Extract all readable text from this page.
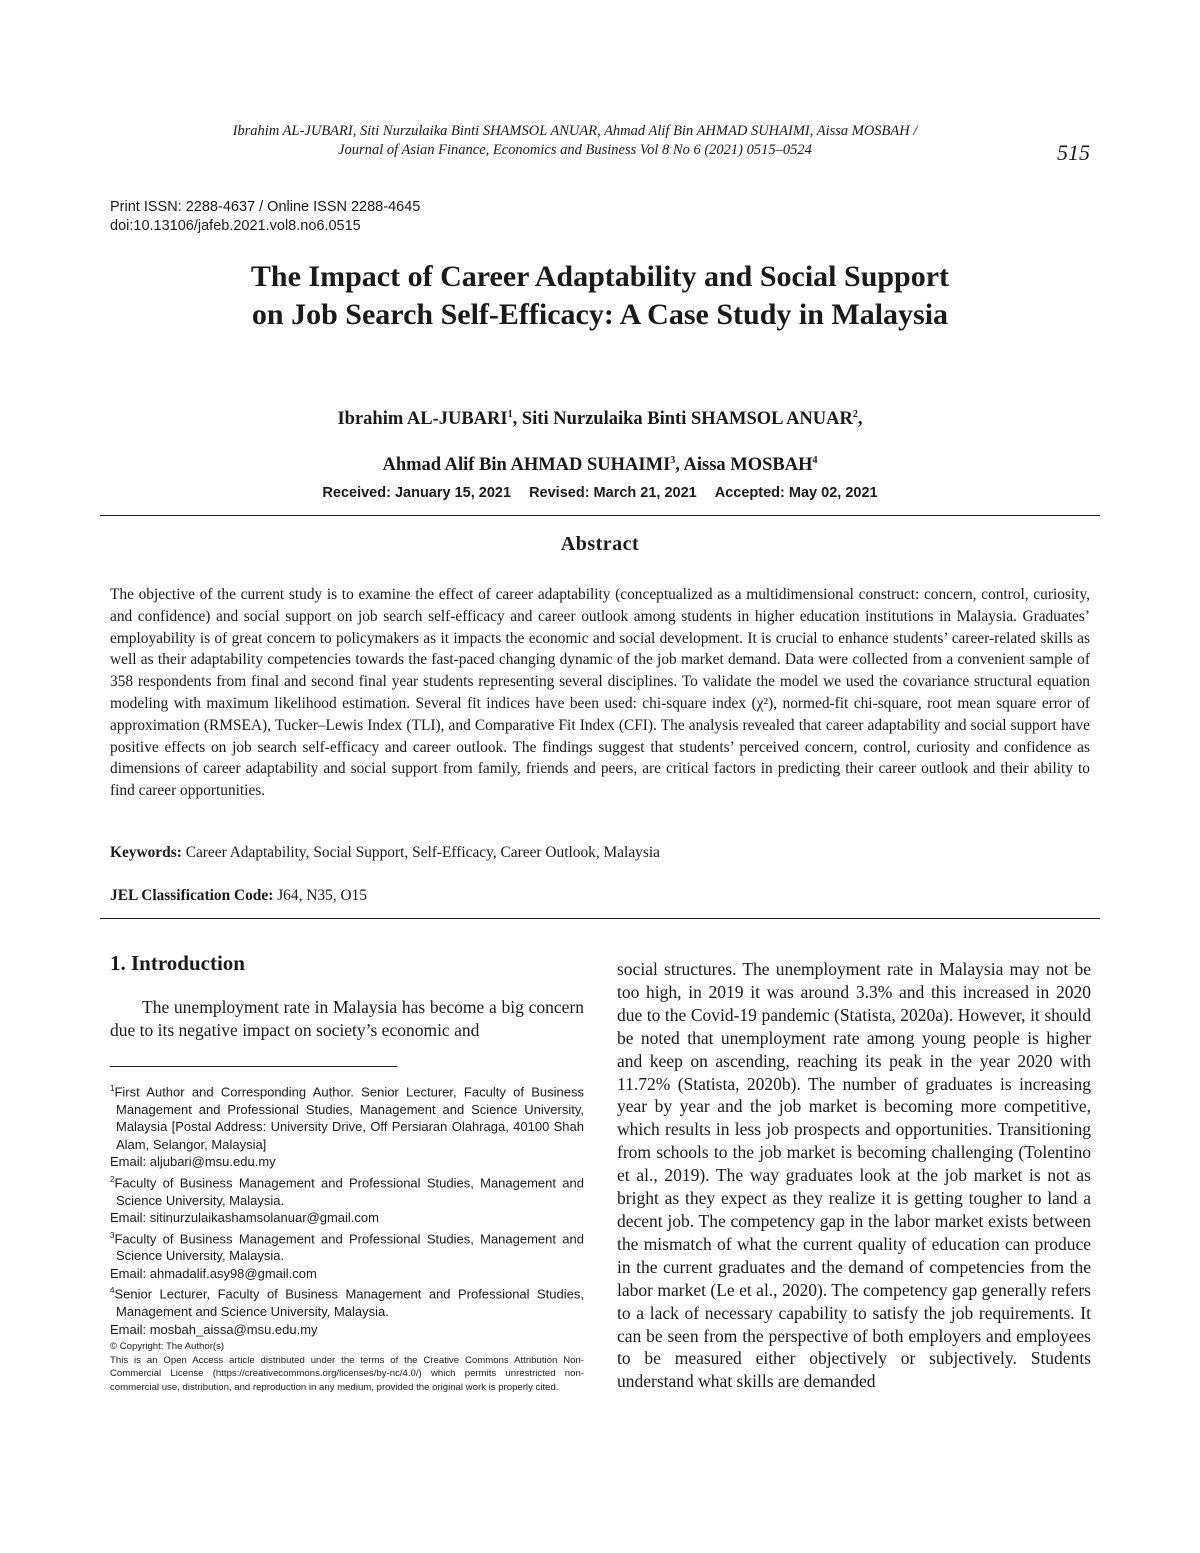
Ibrahim AL-JUBARI, Siti Nurzulaika Binti SHAMSOL ANUAR, Ahmad Alif Bin AHMAD SUHAIMI, Aissa MOSBAH /
Journal of Asian Finance, Economics and Business Vol 8 No 6 (2021) 0515–0524	515
Print ISSN: 2288-4637 / Online ISSN 2288-4645
doi:10.13106/jafeb.2021.vol8.no6.0515
The Impact of Career Adaptability and Social Support
on Job Search Self-Efficacy: A Case Study in Malaysia
Ibrahim AL-JUBARI$^1$, Siti Nurzulaika Binti SHAMSOL ANUAR$^2$,
Ahmad Alif Bin AHMAD SUHAIMI$^3$, Aissa MOSBAH$^4$
Received: January 15, 2021 Revised: March 21, 2021 Accepted: May 02, 2021
Abstract
The objective of the current study is to examine the effect of career adaptability (conceptualized as a multidimensional construct: concern, control, curiosity, and confidence) and social support on job search self-efficacy and career outlook among students in higher education institutions in Malaysia. Graduates’ employability is of great concern to policymakers as it impacts the economic and social development. It is crucial to enhance students’ career-related skills as well as their adaptability competencies towards the fast-paced changing dynamic of the job market demand. Data were collected from a convenient sample of 358 respondents from final and second final year students representing several disciplines. To validate the model we used the covariance structural equation modeling with maximum likelihood estimation. Several fit indices have been used: chi-square index (χ²), normed-fit chi-square, root mean square error of approximation (RMSEA), Tucker–Lewis Index (TLI), and Comparative Fit Index (CFI). The analysis revealed that career adaptability and social support have positive effects on job search self-efficacy and career outlook. The findings suggest that students’ perceived concern, control, curiosity and confidence as dimensions of career adaptability and social support from family, friends and peers, are critical factors in predicting their career outlook and their ability to find career opportunities.
Keywords: Career Adaptability, Social Support, Self-Efficacy, Career Outlook, Malaysia
JEL Classification Code: J64, N35, O15
1. Introduction
The unemployment rate in Malaysia has become a big concern due to its negative impact on society’s economic and
$^1$First Author and Corresponding Author. Senior Lecturer, Faculty of Business Management and Professional Studies, Management and Science University, Malaysia [Postal Address: University Drive, Off Persiaran Olahraga, 40100 Shah Alam, Selangor, Malaysia]
Email: aljubari@msu.edu.my
$^2$Faculty of Business Management and Professional Studies, Management and Science University, Malaysia.
Email: sitinurzulaikashamsolanuar@gmail.com
$^3$Faculty of Business Management and Professional Studies, Management and Science University, Malaysia.
Email: ahmadalif.asy98@gmail.com
$^4$Senior Lecturer, Faculty of Business Management and Professional Studies, Management and Science University, Malaysia.
Email: mosbah_aissa@msu.edu.my
© Copyright: The Author(s)
This is an Open Access article distributed under the terms of the Creative Commons Attribution Non-Commercial License (https://creativecommons.org/licenses/by-nc/4.0/) which permits unrestricted non-commercial use, distribution, and reproduction in any medium, provided the original work is properly cited.
social structures. The unemployment rate in Malaysia may not be too high, in 2019 it was around 3.3% and this increased in 2020 due to the Covid-19 pandemic (Statista, 2020a). However, it should be noted that unemployment rate among young people is higher and keep on ascending, reaching its peak in the year 2020 with 11.72% (Statista, 2020b). The number of graduates is increasing year by year and the job market is becoming more competitive, which results in less job prospects and opportunities. Transitioning from schools to the job market is becoming challenging (Tolentino et al., 2019). The way graduates look at the job market is not as bright as they expect as they realize it is getting tougher to land a decent job. The competency gap in the labor market exists between the mismatch of what the current quality of education can produce in the current graduates and the demand of competencies from the labor market (Le et al., 2020). The competency gap generally refers to a lack of necessary capability to satisfy the job requirements. It can be seen from the perspective of both employers and employees to be measured either objectively or subjectively. Students understand what skills are demanded
